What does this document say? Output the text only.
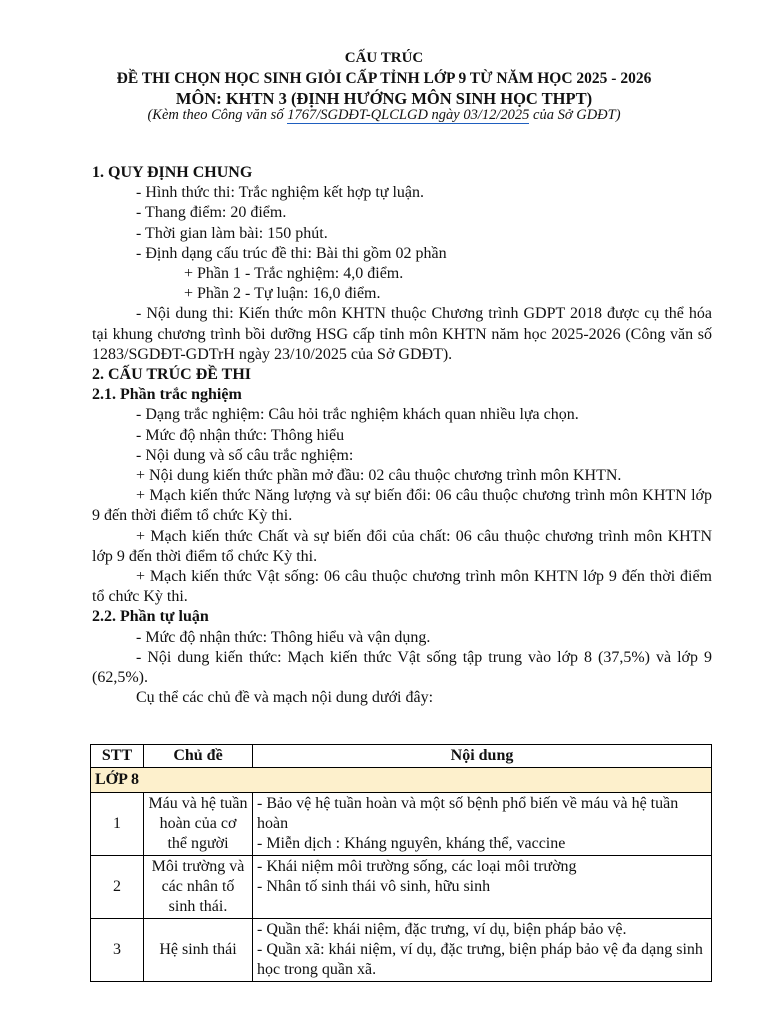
CẤU TRÚC
ĐỀ THI CHỌN HỌC SINH GIỎI CẤP TỈNH LỚP 9 TỪ NĂM HỌC 2025 - 2026
MÔN: KHTN 3 (ĐỊNH HƯỚNG MÔN SINH HỌC THPT)
(Kèm theo Công văn số 1767/SGDĐT-QLCLGD ngày 03/12/2025 của Sở GDĐT)

1. QUY ĐỊNH CHUNG

- Hình thức thi: Trắc nghiệm kết hợp tự luận.

- Thang điểm: 20 điểm.

- Thời gian làm bài: 150 phút.

- Định dạng cấu trúc đề thi: Bài thi gồm 02 phần

+ Phần 1 - Trắc nghiệm: 4,0 điểm.

+ Phần 2 - Tự luận: 16,0 điểm.

- Nội dung thi: Kiến thức môn KHTN thuộc Chương trình GDPT 2018 được cụ thể hóa tại khung chương trình bồi dưỡng HSG cấp tỉnh môn KHTN năm học 2025-2026 (Công văn số 1283/SGDĐT-GDTrH ngày 23/10/2025 của Sở GDĐT).

2. CẤU TRÚC ĐỀ THI

2.1. Phần trắc nghiệm

- Dạng trắc nghiệm: Câu hỏi trắc nghiệm khách quan nhiều lựa chọn.

- Mức độ nhận thức: Thông hiểu

- Nội dung và số câu trắc nghiệm:

+ Nội dung kiến thức phần mở đầu: 02 câu thuộc chương trình môn KHTN.

+ Mạch kiến thức Năng lượng và sự biến đổi: 06 câu thuộc chương trình môn KHTN lớp 9 đến thời điểm tổ chức Kỳ thi.

+ Mạch kiến thức Chất và sự biến đổi của chất: 06 câu thuộc chương trình môn KHTN lớp 9 đến thời điểm tổ chức Kỳ thi.

+ Mạch kiến thức Vật sống: 06 câu thuộc chương trình môn KHTN lớp 9 đến thời điểm tổ chức Kỳ thi.

2.2. Phần tự luận

- Mức độ nhận thức: Thông hiểu và vận dụng.

- Nội dung kiến thức: Mạch kiến thức Vật sống tập trung vào lớp 8 (37,5%) và lớp 9 (62,5%).

Cụ thể các chủ đề và mạch nội dung dưới đây:

STT	Chủ đề	Nội dung
LỚP 8		
1	Máu và hệ tuần hoàn của cơ thể người	- Bảo vệ hệ tuần hoàn và một số bệnh phổ biến về máu và hệ tuần hoàn
- Miễn dịch : Kháng nguyên, kháng thể, vaccine

2	Môi trường và các nhân tố sinh thái.	- Khái niệm môi trường sống, các loại môi trường
- Nhân tố sinh thái vô sinh, hữu sinh

3	Hệ sinh thái	- Quần thể: khái niệm, đặc trưng, ví dụ, biện pháp bảo vệ.
- Quần xã: khái niệm, ví dụ, đặc trưng, biện pháp bảo vệ đa dạng sinh học trong quần xã.
